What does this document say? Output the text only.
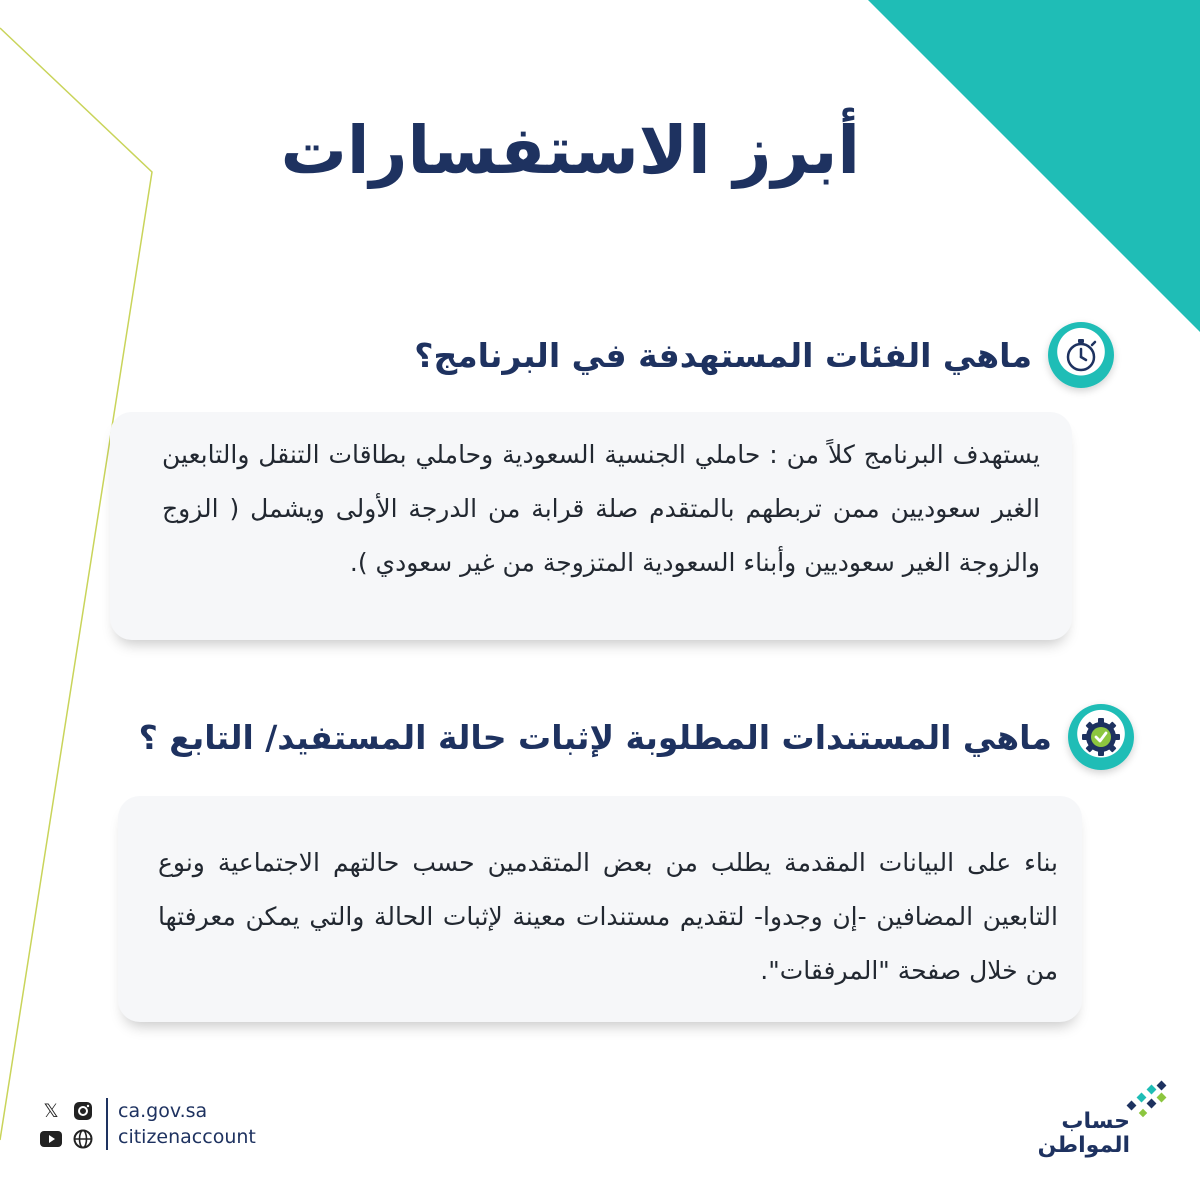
أبرز الاستفسارات
ماهي الفئات المستهدفة في البرنامج؟

يستهدف البرنامج كلاً من : حاملي الجنسية السعودية وحاملي بطاقات التنقل والتابعين الغير سعوديين ممن تربطهم بالمتقدم صلة قرابة من الدرجة الأولى ويشمل ( الزوج والزوجة الغير سعوديين وأبناء السعودية المتزوجة من غير سعودي ).

ماهي المستندات المطلوبة لإثبات حالة المستفيد/ التابع ؟

بناء على البيانات المقدمة يطلب من بعض المتقدمين حسب حالتهم الاجتماعية ونوع التابعين المضافين -إن وجدوا- لتقديم مستندات معينة لإثبات الحالة والتي يمكن معرفتها من خلال صفحة "المرفقات".

𝕏	ca.gov.sa
citizenaccount
حساب
المواطن
